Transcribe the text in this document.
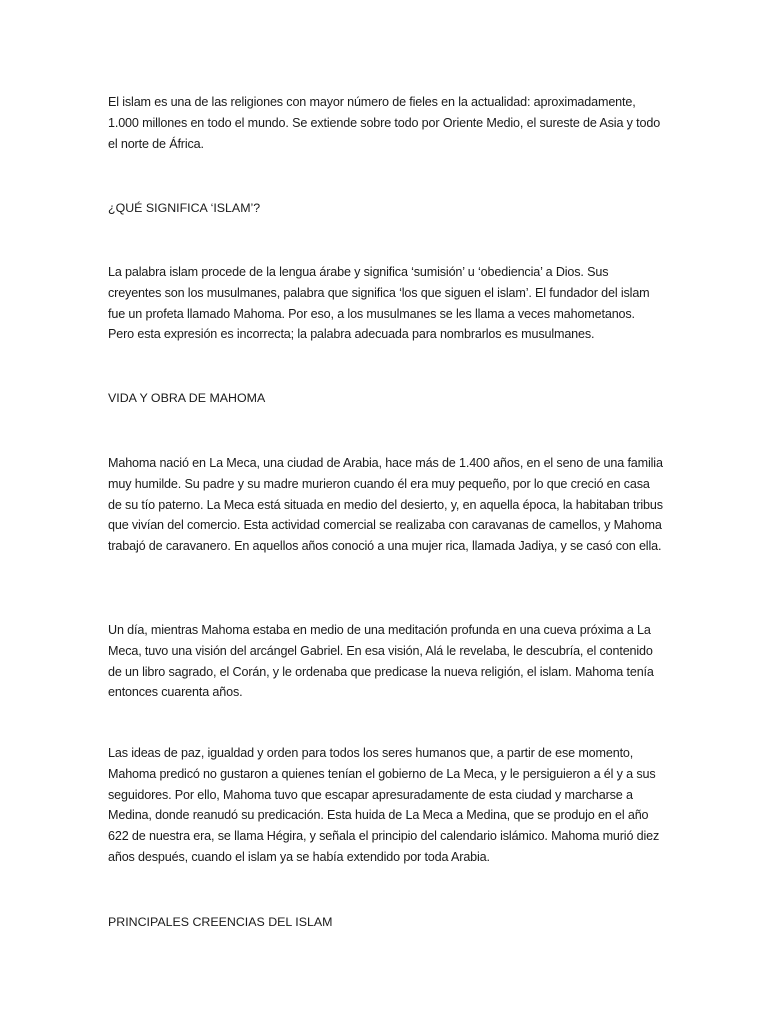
El islam es una de las religiones con mayor número de fieles en la actualidad: aproximadamente, 1.000 millones en todo el mundo. Se extiende sobre todo por Oriente Medio, el sureste de Asia y todo el norte de África.

¿QUÉ SIGNIFICA ‘ISLAM’?

La palabra islam procede de la lengua árabe y significa ‘sumisión’ u ‘obediencia’ a Dios. Sus creyentes son los musulmanes, palabra que significa ‘los que siguen el islam’. El fundador del islam fue un profeta llamado Mahoma. Por eso, a los musulmanes se les llama a veces mahometanos. Pero esta expresión es incorrecta; la palabra adecuada para nombrarlos es musulmanes.

VIDA Y OBRA DE MAHOMA

Mahoma nació en La Meca, una ciudad de Arabia, hace más de 1.400 años, en el seno de una familia muy humilde. Su padre y su madre murieron cuando él era muy pequeño, por lo que creció en casa de su tío paterno. La Meca está situada en medio del desierto, y, en aquella época, la habitaban tribus que vivían del comercio. Esta actividad comercial se realizaba con caravanas de camellos, y Mahoma trabajó de caravanero. En aquellos años conoció a una mujer rica, llamada Jadiya, y se casó con ella.

Un día, mientras Mahoma estaba en medio de una meditación profunda en una cueva próxima a La Meca, tuvo una visión del arcángel Gabriel. En esa visión, Alá le revelaba, le descubría, el contenido de un libro sagrado, el Corán, y le ordenaba que predicase la nueva religión, el islam. Mahoma tenía entonces cuarenta años.

Las ideas de paz, igualdad y orden para todos los seres humanos que, a partir de ese momento, Mahoma predicó no gustaron a quienes tenían el gobierno de La Meca, y le persiguieron a él y a sus seguidores. Por ello, Mahoma tuvo que escapar apresuradamente de esta ciudad y marcharse a Medina, donde reanudó su predicación. Esta huida de La Meca a Medina, que se produjo en el año 622 de nuestra era, se llama Hégira, y señala el principio del calendario islámico. Mahoma murió diez años después, cuando el islam ya se había extendido por toda Arabia.

PRINCIPALES CREENCIAS DEL ISLAM
